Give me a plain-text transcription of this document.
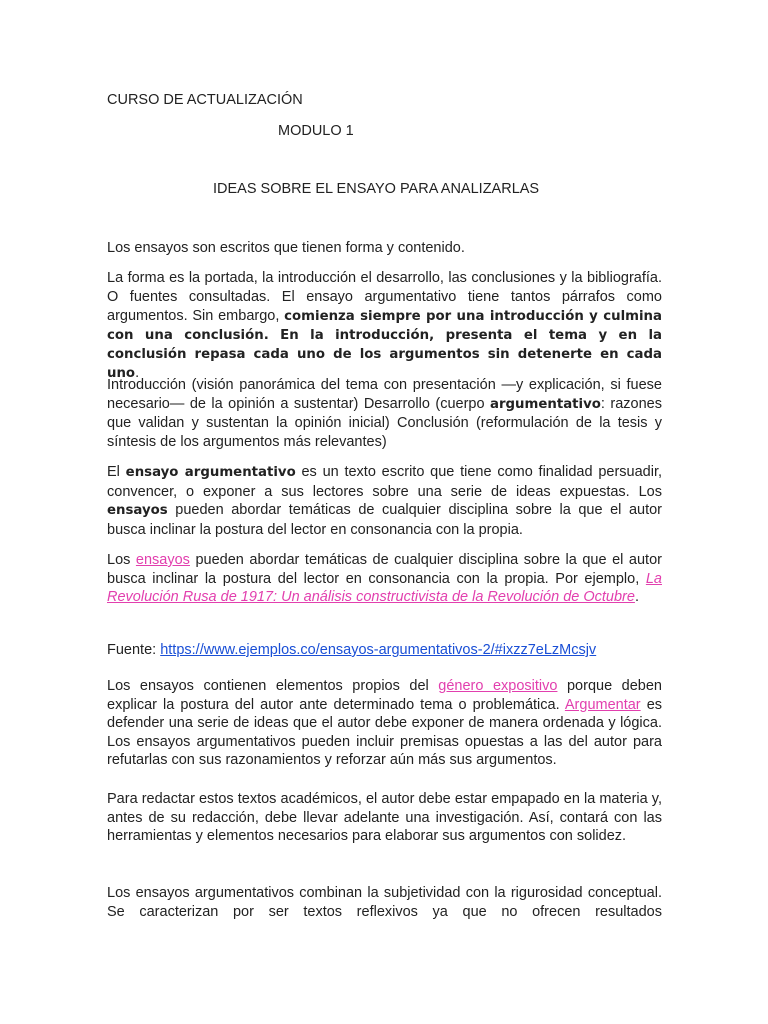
CURSO DE ACTUALIZACIÓN
MODULO 1
IDEAS SOBRE EL ENSAYO PARA ANALIZARLAS

Los ensayos son escritos que tienen forma y contenido.

La forma es la portada, la introducción el desarrollo, las conclusiones y la bibliografía. O fuentes consultadas. El ensayo argumentativo tiene tantos párrafos como argumentos. Sin embargo, comienza siempre por una introducción y culmina con una conclusión. En la introducción, presenta el tema y en la conclusión repasa cada uno de los argumentos sin detenerte en cada uno.

Introducción (visión panorámica del tema con presentación —y explicación, si fuese necesario— de la opinión a sustentar) Desarrollo (cuerpo argumentativo: razones que validan y sustentan la opinión inicial) Conclusión (reformulación de la tesis y síntesis de los argumentos más relevantes)

El ensayo argumentativo es un texto escrito que tiene como finalidad persuadir, convencer, o exponer a sus lectores sobre una serie de ideas expuestas. Los ensayos pueden abordar temáticas de cualquier disciplina sobre la que el autor busca inclinar la postura del lector en consonancia con la propia.

Los ensayos pueden abordar temáticas de cualquier disciplina sobre la que el autor busca inclinar la postura del lector en consonancia con la propia. Por ejemplo, La Revolución Rusa de 1917: Un análisis constructivista de la Revolución de Octubre.

Fuente: https://www.ejemplos.co/ensayos-argumentativos-2/#ixzz7eLzMcsjv

Los ensayos contienen elementos propios del género expositivo porque deben explicar la postura del autor ante determinado tema o problemática. Argumentar es defender una serie de ideas que el autor debe exponer de manera ordenada y lógica. Los ensayos argumentativos pueden incluir premisas opuestas a las del autor para refutarlas con sus razonamientos y reforzar aún más sus argumentos.

Para redactar estos textos académicos, el autor debe estar empapado en la materia y, antes de su redacción, debe llevar adelante una investigación. Así, contará con las herramientas y elementos necesarios para elaborar sus argumentos con solidez.

Los ensayos argumentativos combinan la subjetividad con la rigurosidad conceptual. Se caracterizan por ser textos reflexivos ya que no ofrecen resultados
